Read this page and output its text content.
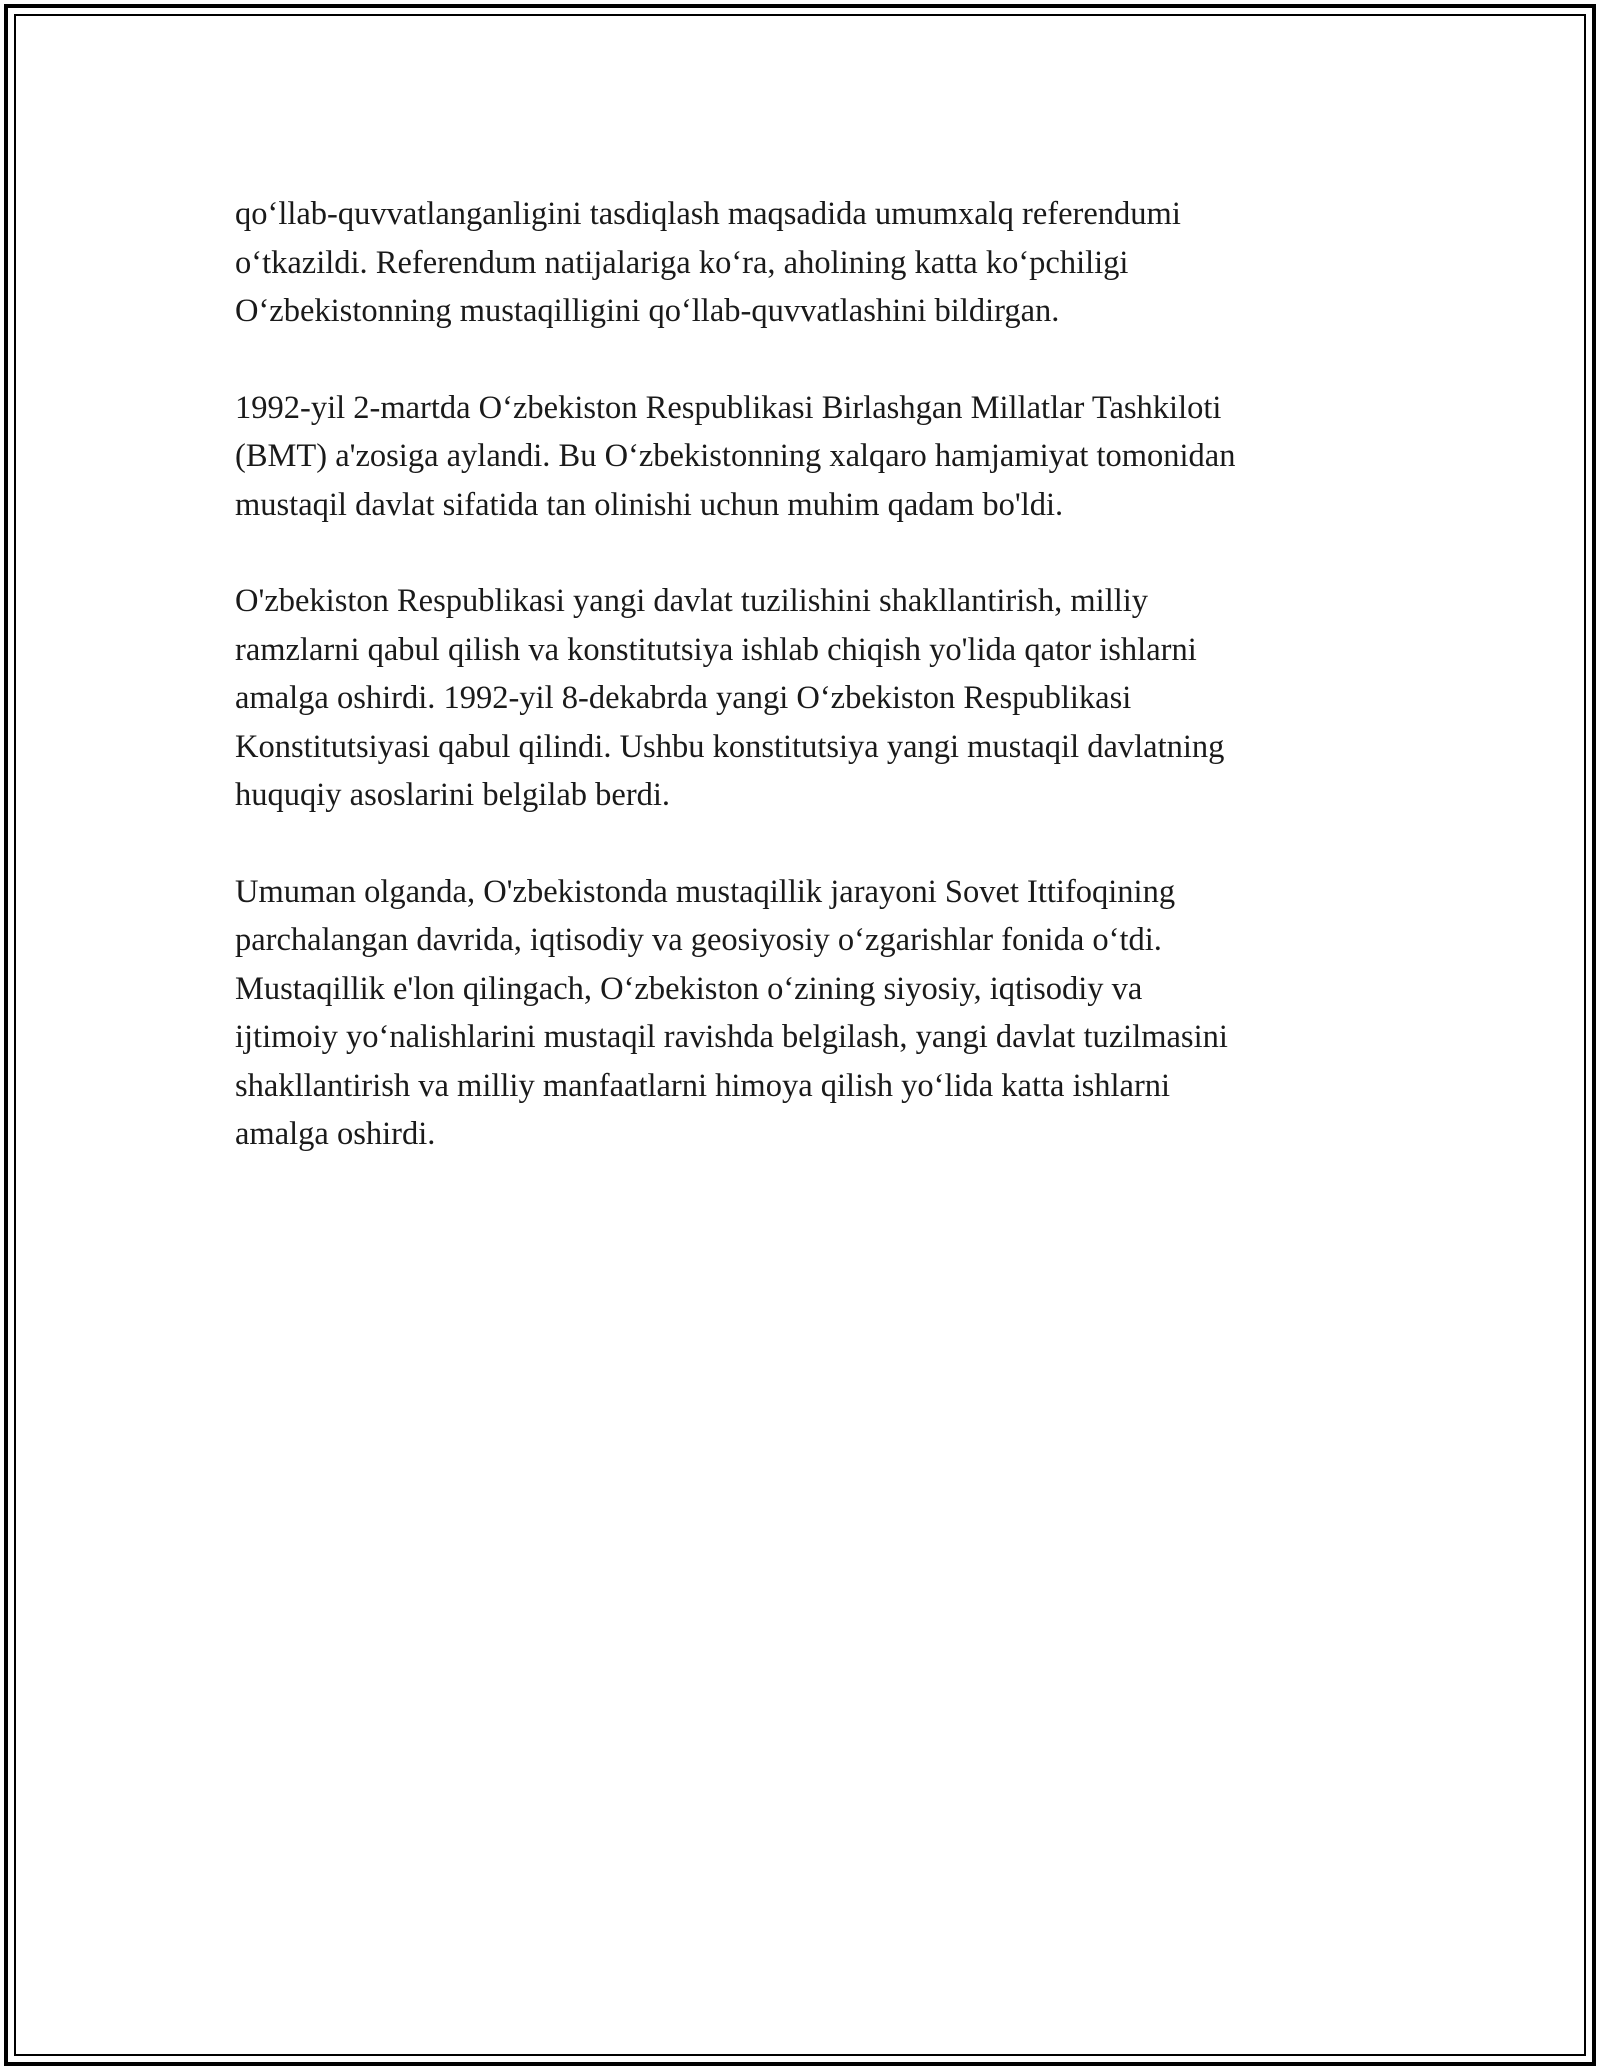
qo‘llab-quvvatlanganligini tasdiqlash maqsadida umumxalq referendumi
o‘tkazildi. Referendum natijalariga ko‘ra, aholining katta ko‘pchiligi
O‘zbekistonning mustaqilligini qo‘llab-quvvatlashini bildirgan.

1992-yil 2-martda O‘zbekiston Respublikasi Birlashgan Millatlar Tashkiloti
(BMT) a'zosiga aylandi. Bu O‘zbekistonning xalqaro hamjamiyat tomonidan
mustaqil davlat sifatida tan olinishi uchun muhim qadam bo'ldi.

O'zbekiston Respublikasi yangi davlat tuzilishini shakllantirish, milliy
ramzlarni qabul qilish va konstitutsiya ishlab chiqish yo'lida qator ishlarni
amalga oshirdi. 1992-yil 8-dekabrda yangi O‘zbekiston Respublikasi
Konstitutsiyasi qabul qilindi. Ushbu konstitutsiya yangi mustaqil davlatning
huquqiy asoslarini belgilab berdi.

Umuman olganda, O'zbekistonda mustaqillik jarayoni Sovet Ittifoqining
parchalangan davrida, iqtisodiy va geosiyosiy o‘zgarishlar fonida o‘tdi.
Mustaqillik e'lon qilingach, O‘zbekiston o‘zining siyosiy, iqtisodiy va
ijtimoiy yo‘nalishlarini mustaqil ravishda belgilash, yangi davlat tuzilmasini
shakllantirish va milliy manfaatlarni himoya qilish yo‘lida katta ishlarni
amalga oshirdi.
